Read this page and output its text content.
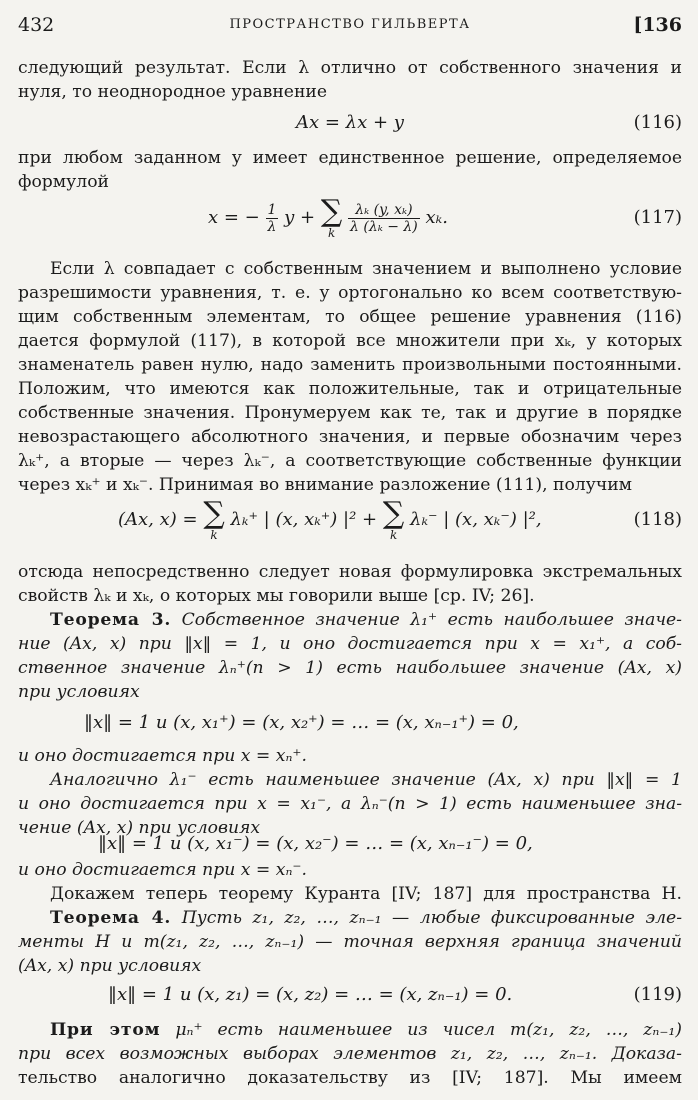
432	ПРОСТРАНСТВО ГИЛЬВЕРТА	[136
следующий результат. Если λ отлично от собственного значения и
нуля, то неоднородное уравнение
Ax = λx + y	(116)
при любом заданном y имеет единственное решение, определяемое
формулой
x = − $\frac{1}{\lambda}$ y + ∑
k
$\frac{\text{λₖ (y, xₖ)}}{\text{λ (λₖ − λ)}} x_k$.	(117)
Если λ совпадает с собственным значением и выполнено условие
разрешимости уравнения, т. е. y ортогонально ко всем соответствую-
щим собственным элементам, то общее решение уравнения (116)
дается формулой (117), в которой все множители при xₖ, у которых
знаменатель равен нулю, надо заменить произвольными постоянными.
Положим, что имеются как положительные, так и отрицательные
собственные значения. Пронумеруем как те, так и другие в порядке
невозрастающего абсолютного значения, и первые обозначим через
λₖ⁺, а вторые — через λₖ⁻, а соответствующие собственные функции
через xₖ⁺ и xₖ⁻. Принимая во внимание разложение (111), получим
(Ax, x) = ∑
k
λₖ⁺ | (x, xₖ⁺) |² + ∑
k
λₖ⁻ | (x, xₖ⁻) |²,	(118)
отсюда непосредственно следует новая формулировка экстремальных
свойств λₖ и xₖ, о которых мы говорили выше [ср. IV; 26].
Теорема 3. Собственное значение λ₁⁺ есть наибольшее значе-
ние (Ax, x) при ‖x‖ = 1, и оно достигается при x = x₁⁺, а соб-
ственное значение λₙ⁺(n > 1) есть наибольшее значение (Ax, x)
при условиях
‖x‖ = 1 и (x, x₁⁺) = (x, x₂⁺) = … = (x, xₙ₋₁⁺) = 0,
и оно достигается при x = xₙ⁺.
Аналогично λ₁⁻ есть наименьшее значение (Ax, x) при ‖x‖ = 1
и оно достигается при x = x₁⁻, а λₙ⁻(n > 1) есть наименьшее зна-
чение (Ax, x) при условиях
‖x‖ = 1 и (x, x₁⁻) = (x, x₂⁻) = … = (x, xₙ₋₁⁻) = 0,
и оно достигается при x = xₙ⁻.
Докажем теперь теорему Куранта [IV; 187] для пространства H.
Теорема 4. Пусть z₁, z₂, …, zₙ₋₁ — любые фиксированные эле-
менты H и m(z₁, z₂, …, zₙ₋₁) — точная верхняя граница значений
(Ax, x) при условиях
‖x‖ = 1 и (x, z₁) = (x, z₂) = … = (x, zₙ₋₁) = 0.	(119)
При этом μₙ⁺ есть наименьшее из чисел m(z₁, z₂, …, zₙ₋₁)
при всех возможных выборах элементов z₁, z₂, …, zₙ₋₁. Доказа-
тельство аналогично доказательству из [IV; 187]. Мы имеем
